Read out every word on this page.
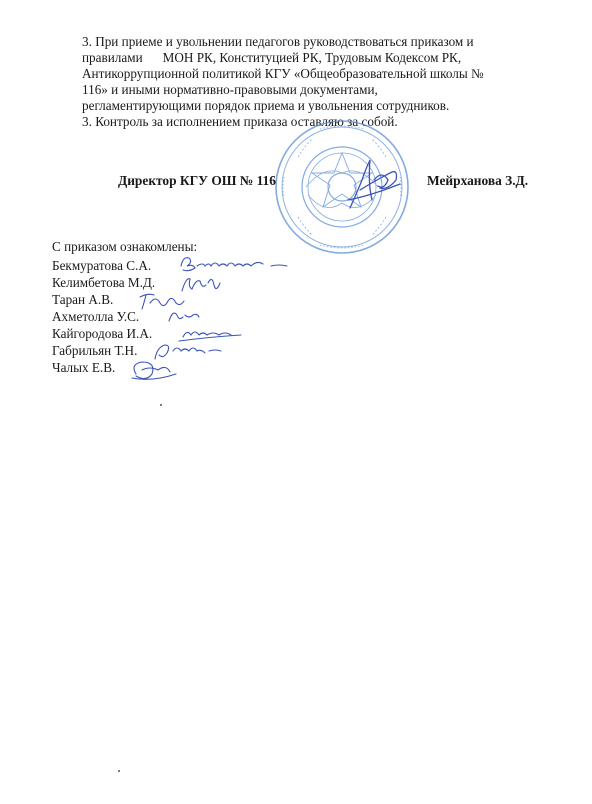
3. При приеме и увольнении педагогов руководствоваться приказом и
правилами МОН РК, Конституцией РК, Трудовым Кодексом РК,
Антикоррупционной политикой КГУ «Общеобразовательной школы №
116» и иными нормативно-правовыми документами,
регламентирующими порядок приема и увольнения сотрудников.
3. Контроль за исполнением приказа оставляю за собой.
Директор КГУ ОШ № 116	Мейрханова З.Д.
С приказом ознакомлены:
Бекмуратова С.А.
Келимбетова М.Д.
Таран А.В.
Ахметолла У.С.
Кайгородова И.А.
Габрильян Т.Н.
Чалых Е.В.
